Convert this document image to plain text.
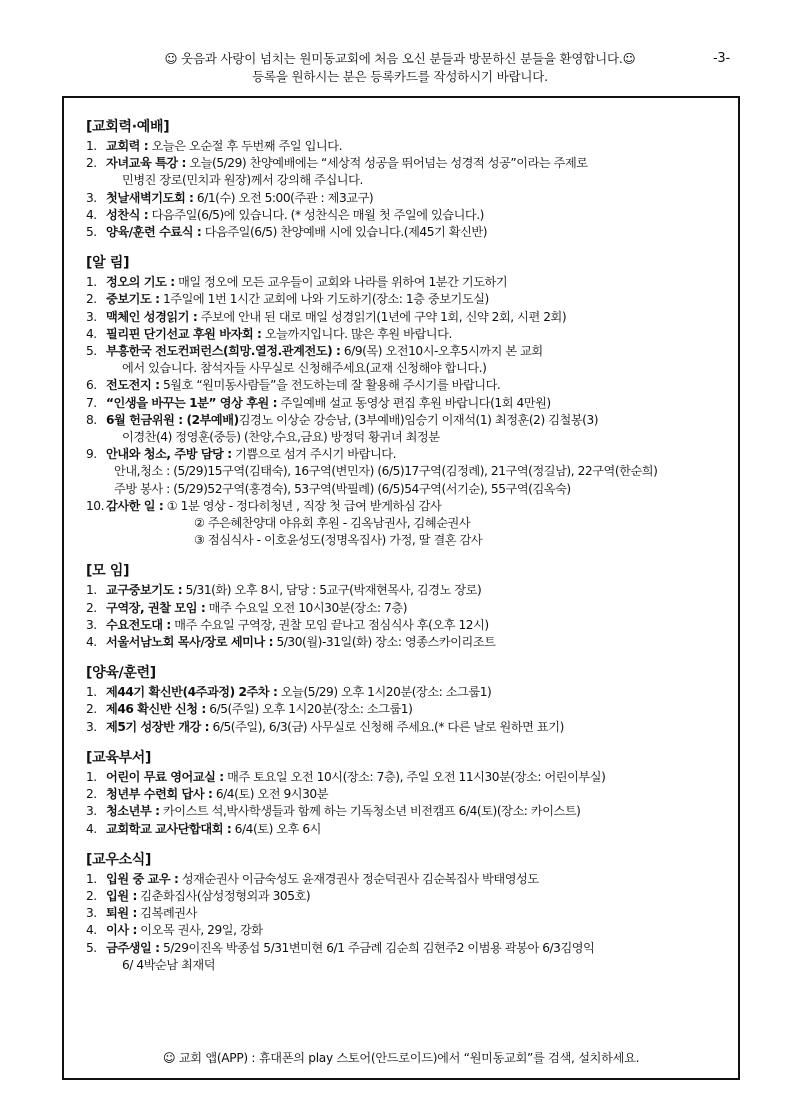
☺ 웃음과 사랑이 넘치는 원미동교회에 처음 오신 분들과 방문하신 분들을 환영합니다.☺	-3-
등록을 원하시는 분은 등록카드를 작성하시기 바랍니다.
[교회력·예배]
1. 교회력 : 오늘은 오순절 후 두번째 주일 입니다.
2. 자녀교육 특강 : 오늘(5/29) 찬양예배에는 “세상적 성공을 뛰어넘는 성경적 성공”이라는 주제로
민병진 장로(민치과 원장)께서 강의해 주십니다.
3. 첫날새벽기도회 : 6/1(수) 오전 5:00(주관 : 제3교구)
4. 성찬식 : 다음주일(6/5)에 있습니다. (* 성찬식은 매월 첫 주일에 있습니다.)
5. 양육/훈련 수료식 : 다음주일(6/5) 찬양예배 시에 있습니다.(제45기 확신반)
[알 림]
1. 정오의 기도 : 매일 정오에 모든 교우들이 교회와 나라를 위하여 1분간 기도하기
2. 중보기도 : 1주일에 1번 1시간 교회에 나와 기도하기(장소: 1층 중보기도실)
3. 맥체인 성경읽기 : 주보에 안내 된 대로 매일 성경읽기(1년에 구약 1회, 신약 2회, 시편 2회)
4. 필리핀 단기선교 후원 바자회 : 오늘까지입니다. 많은 후원 바랍니다.
5. 부흥한국 전도컨퍼런스(희망.열정.관계전도) : 6/9(목) 오전10시-오후5시까지 본 교회
에서 있습니다. 참석자들 사무실로 신청해주세요(교재 신청해야 합니다.)
6. 전도전지 : 5월호 “원미동사람들”을 전도하는데 잘 활용해 주시기를 바랍니다.
7. “인생을 바꾸는 1분” 영상 후원 : 주일예배 설교 동영상 편집 후원 바랍니다(1회 4만원)
8. 6월 헌금위원 : (2부예배)김경노 이상순 강승남, (3부예배)임승기 이재석(1) 최정훈(2) 김철봉(3)
이경찬(4) 정영훈(중등) (찬양,수요,금요) 방정덕 황귀녀 최정분
9. 안내와 청소, 주방 담당 : 기쁨으로 섬겨 주시기 바랍니다.
안내,청소 : (5/29)15구역(김태숙), 16구역(변민자) (6/5)17구역(김정례), 21구역(정길남), 22구역(한순희)
주방 봉사 : (5/29)52구역(홍경숙), 53구역(박필례) (6/5)54구역(서기순), 55구역(김옥숙)
10. 감사한 일 : ① 1분 영상 - 정다히청년 , 직장 첫 급여 받게하심 감사
② 주은혜찬양대 야유회 후원 - 김옥남권사, 김혜순권사
③ 점심식사 - 이호윤성도(정명옥집사) 가정, 딸 결혼 감사
[모 임]
1. 교구중보기도 : 5/31(화) 오후 8시, 담당 : 5교구(박재현목사, 김경노 장로)
2. 구역장, 권찰 모임 : 매주 수요일 오전 10시30분(장소: 7층)
3. 수요전도대 : 매주 수요일 구역장, 권찰 모임 끝나고 점심식사 후(오후 12시)
4. 서울서남노회 목사/장로 세미나 : 5/30(월)-31일(화) 장소: 영종스카이리조트
[양육/훈련]
1. 제44기 확신반(4주과정) 2주차 : 오늘(5/29) 오후 1시20분(장소: 소그룹1)
2. 제46 확신반 신청 : 6/5(주일) 오후 1시20분(장소: 소그룹1)
3. 제5기 성장반 개강 : 6/5(주일), 6/3(금) 사무실로 신청해 주세요.(* 다른 날로 원하면 표기)
[교육부서]
1. 어린이 무료 영어교실 : 매주 토요일 오전 10시(장소: 7층), 주일 오전 11시30분(장소: 어린이부실)
2. 청년부 수련회 답사 : 6/4(토) 오전 9시30분
3. 청소년부 : 카이스트 석,박사학생들과 함께 하는 기독청소년 비전캠프 6/4(토)(장소: 카이스트)
4. 교회학교 교사단합대회 : 6/4(토) 오후 6시
[교우소식]
1. 입원 중 교우 : 성재순권사 이금숙성도 윤재경권사 정순덕권사 김순복집사 박태영성도
2. 입원 : 김춘화집사(삼성정형외과 305호)
3. 퇴원 : 김복례권사
4. 이사 : 이오목 권사, 29일, 강화
5. 금주생일 : 5/29이진옥 박종섭 5/31변미현 6/1 주금례 김순희 김현주2 이범용 곽봉아 6/3김영익
6/ 4박순남 최재덕
☺ 교회 앱(APP) : 휴대폰의 play 스토어(안드로이드)에서 “원미동교회”를 검색, 설치하세요.
